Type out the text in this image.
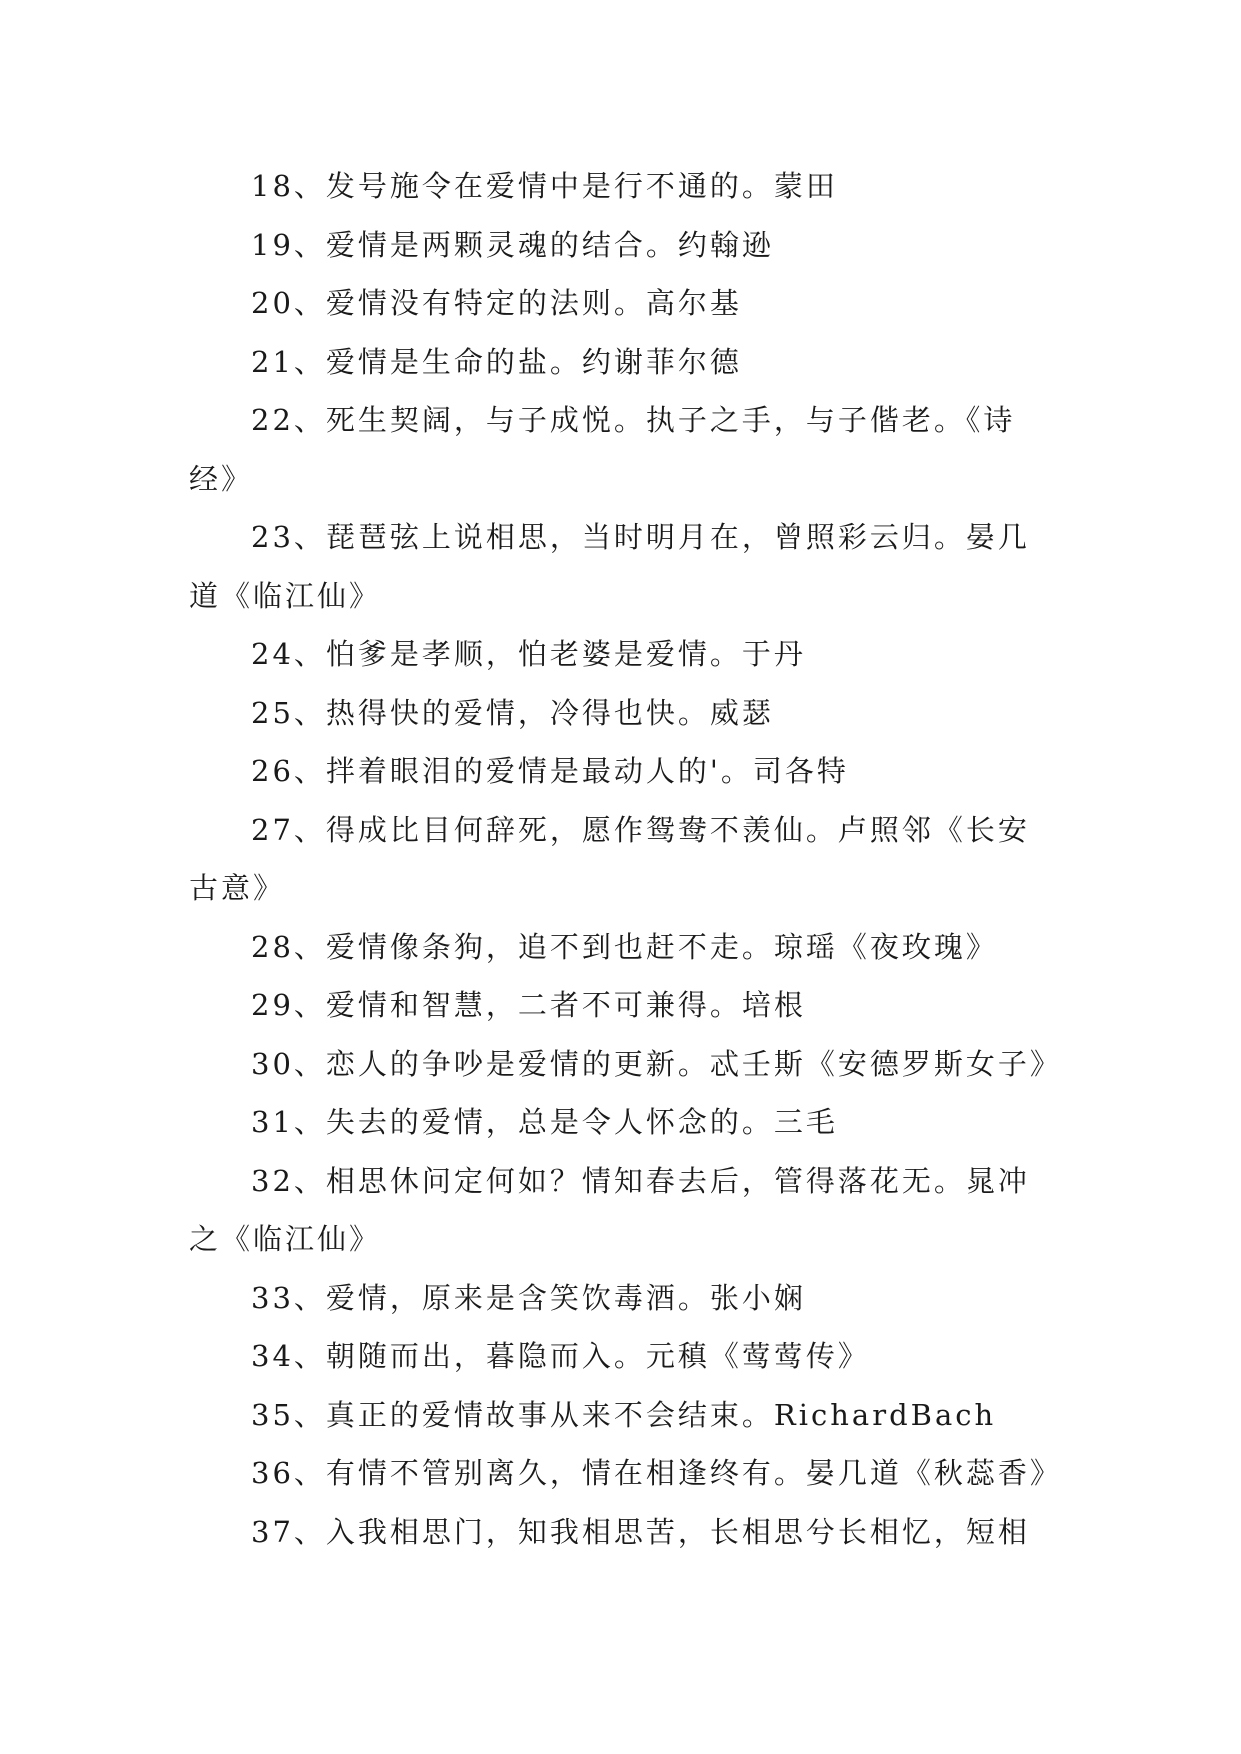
18、发号施令在爱情中是行不通的。蒙田

19、爱情是两颗灵魂的结合。约翰逊

20、爱情没有特定的法则。高尔基

21、爱情是生命的盐。约谢菲尔德

22、死生契阔，与子成悦。执子之手，与子偕老。《诗经》

23、琵琶弦上说相思，当时明月在，曾照彩云归。晏几道《临江仙》

24、怕爹是孝顺，怕老婆是爱情。于丹

25、热得快的爱情，冷得也快。威瑟

26、拌着眼泪的爱情是最动人的'。司各特

27、得成比目何辞死，愿作鸳鸯不羡仙。卢照邻《长安古意》

28、爱情像条狗，追不到也赶不走。琼瑶《夜玫瑰》

29、爱情和智慧，二者不可兼得。培根

30、恋人的争吵是爱情的更新。忒壬斯《安德罗斯女子》

31、失去的爱情，总是令人怀念的。三毛

32、相思休问定何如？情知春去后，管得落花无。晁冲之《临江仙》

33、爱情，原来是含笑饮毒酒。张小娴

34、朝随而出，暮隐而入。元稹《莺莺传》

35、真正的爱情故事从来不会结束。RichardBach

36、有情不管别离久，情在相逢终有。晏几道《秋蕊香》

37、入我相思门，知我相思苦，长相思兮长相忆，短相
